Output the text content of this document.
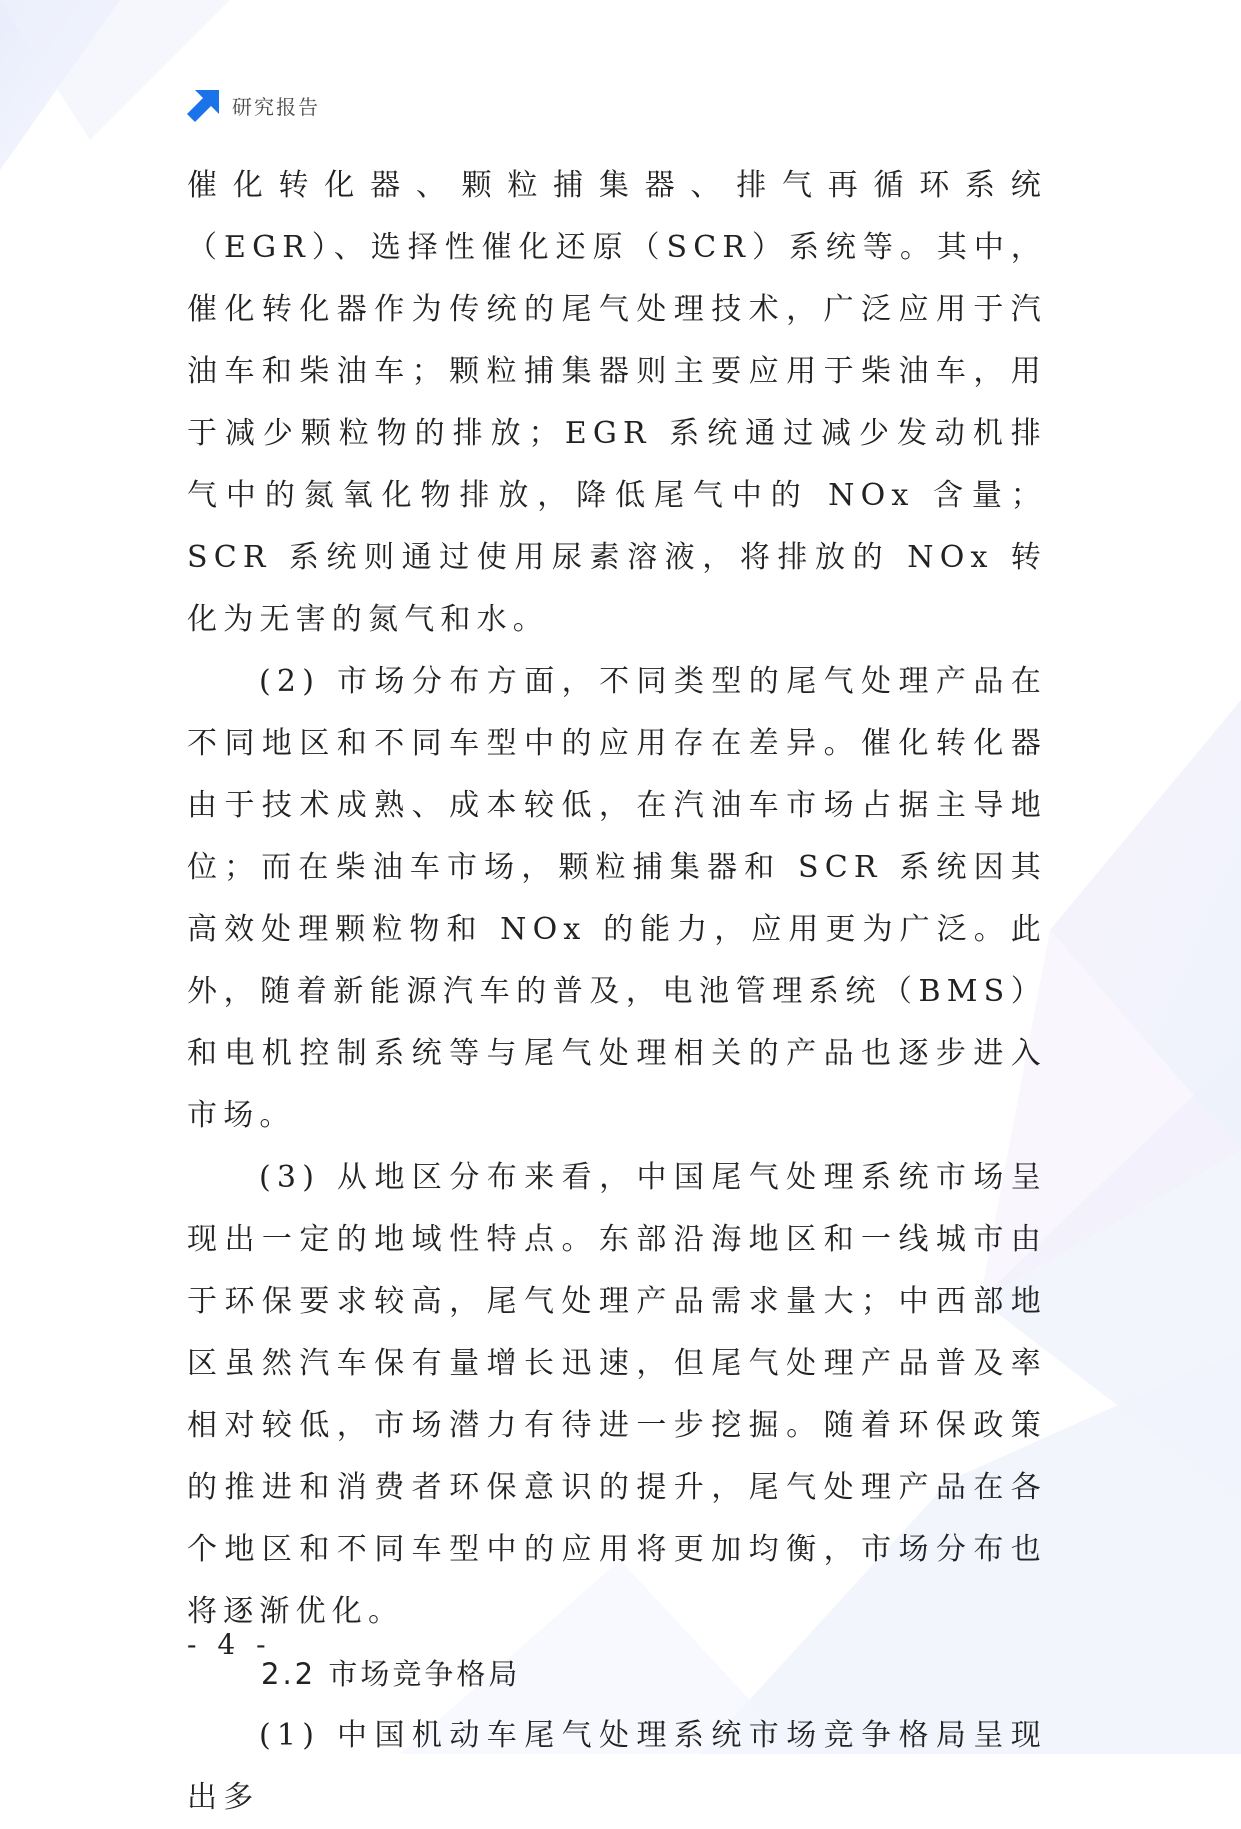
研究报告

催化转化器、颗粒捕集器、排气再循环系统（EGR）、选择性催化还原（SCR）系统等。其中，催化转化器作为传统的尾气处理技术，广泛应用于汽油车和柴油车；颗粒捕集器则主要应用于柴油车，用于减少颗粒物的排放；EGR 系统通过减少发动机排气中的氮氧化物排放，降低尾气中的 NOx 含量；SCR 系统则通过使用尿素溶液，将排放的 NOx 转化为无害的氮气和水。

(2) 市场分布方面，不同类型的尾气处理产品在不同地区和不同车型中的应用存在差异。催化转化器由于技术成熟、成本较低，在汽油车市场占据主导地位；而在柴油车市场，颗粒捕集器和 SCR 系统因其高效处理颗粒物和 NOx 的能力，应用更为广泛。此外，随着新能源汽车的普及，电池管理系统（BMS）和电机控制系统等与尾气处理相关的产品也逐步进入市场。

(3) 从地区分布来看，中国尾气处理系统市场呈现出一定的地域性特点。东部沿海地区和一线城市由于环保要求较高，尾气处理产品需求量大；中西部地区虽然汽车保有量增长迅速，但尾气处理产品普及率相对较低，市场潜力有待进一步挖掘。随着环保政策的推进和消费者环保意识的提升，尾气处理产品在各个地区和不同车型中的应用将更加均衡，市场分布也将逐渐优化。

2.2 市场竞争格局

(1) 中国机动车尾气处理系统市场竞争格局呈现出多

- 4 -
